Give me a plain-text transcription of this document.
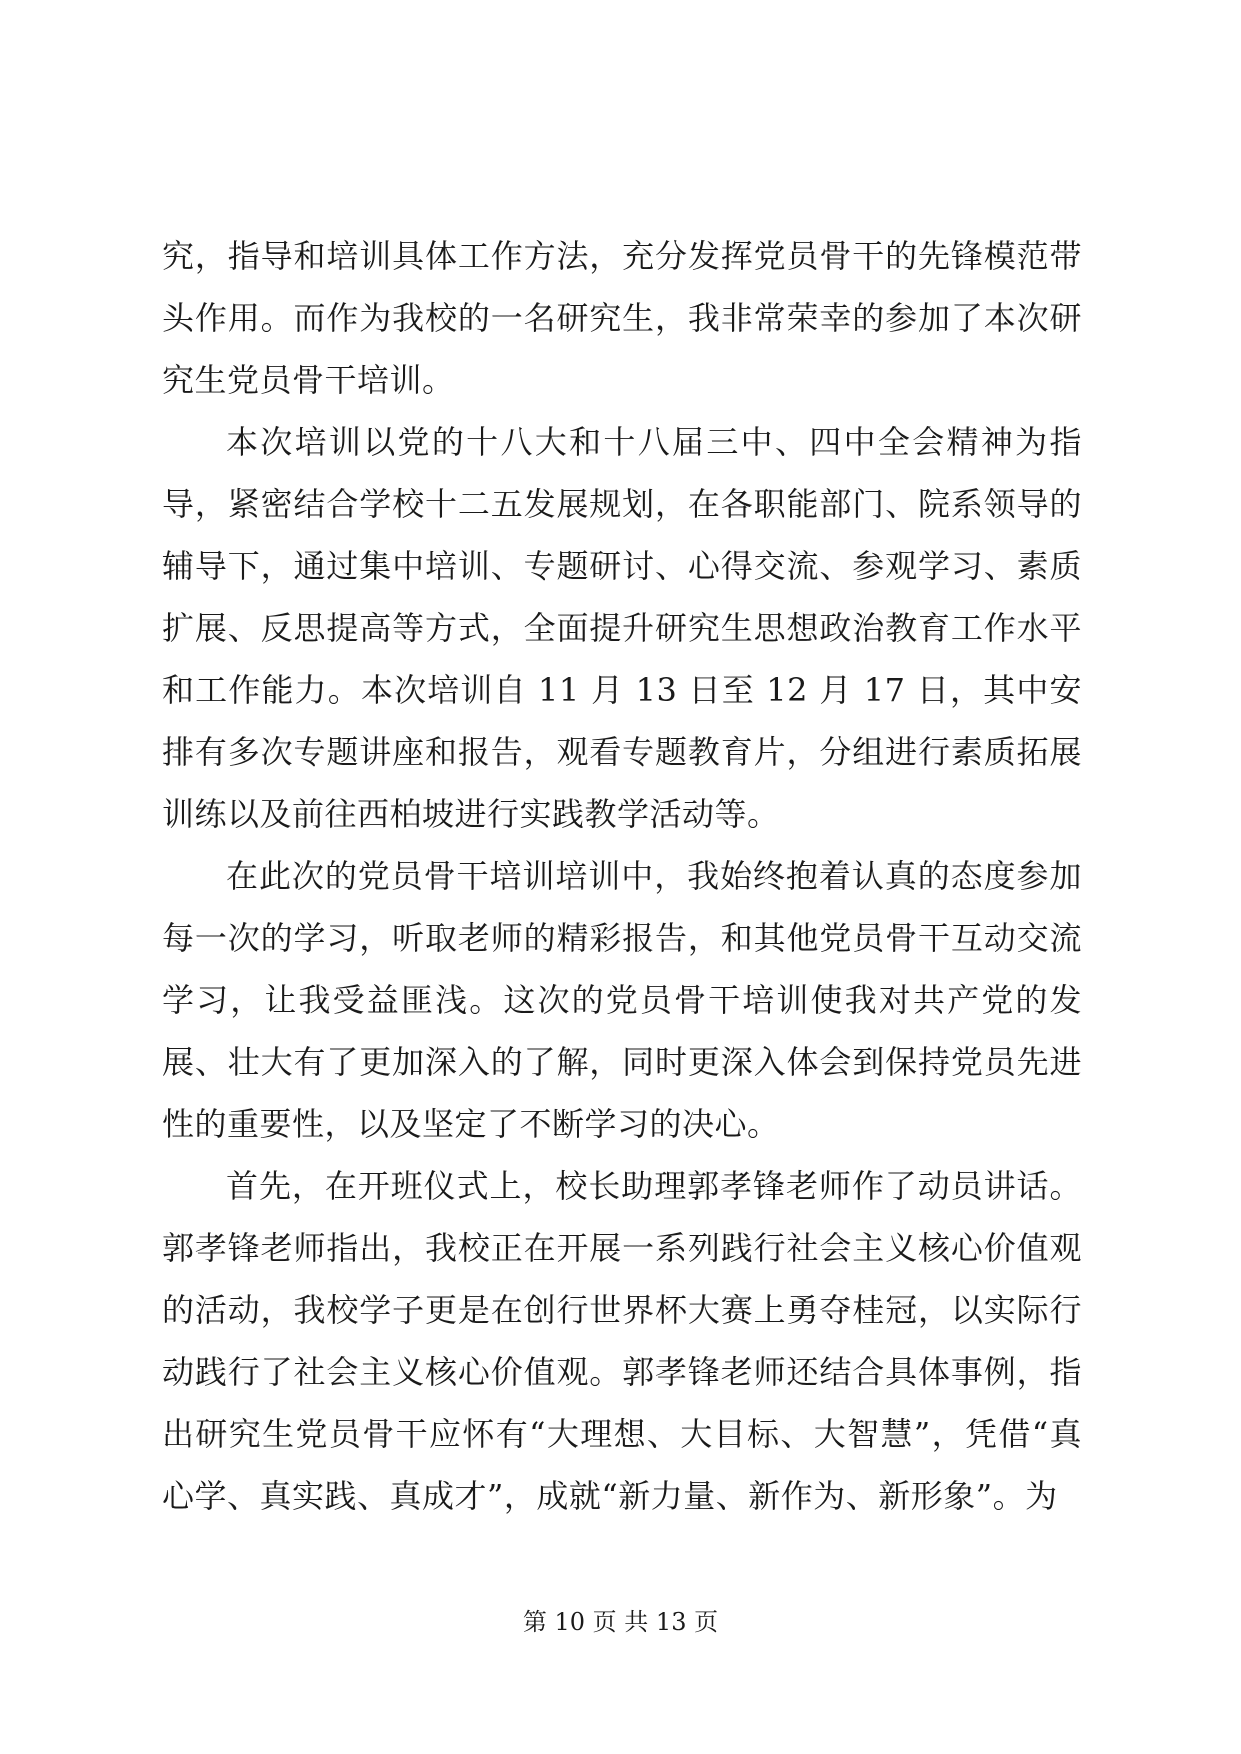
究，指导和培训具体工作方法，充分发挥党员骨干的先锋模范带头作用。而作为我校的一名研究生，我非常荣幸的参加了本次研究生党员骨干培训。

本次培训以党的十八大和十八届三中、四中全会精神为指导，紧密结合学校十二五发展规划，在各职能部门、院系领导的辅导下，通过集中培训、专题研讨、心得交流、参观学习、素质扩展、反思提高等方式，全面提升研究生思想政治教育工作水平和工作能力。本次培训自 11 月 13 日至 12 月 17 日，其中安排有多次专题讲座和报告，观看专题教育片，分组进行素质拓展训练以及前往西柏坡进行实践教学活动等。

在此次的党员骨干培训培训中，我始终抱着认真的态度参加每一次的学习，听取老师的精彩报告，和其他党员骨干互动交流学习，让我受益匪浅。这次的党员骨干培训使我对共产党的发展、壮大有了更加深入的了解，同时更深入体会到保持党员先进性的重要性，以及坚定了不断学习的决心。

首先，在开班仪式上，校长助理郭孝锋老师作了动员讲话。郭孝锋老师指出，我校正在开展一系列践行社会主义核心价值观的活动，我校学子更是在创行世界杯大赛上勇夺桂冠，以实际行动践行了社会主义核心价值观。郭孝锋老师还结合具体事例，指出研究生党员骨干应怀有“大理想、大目标、大智慧”，凭借“真心学、真实践、真成才”，成就“新力量、新作为、新形象”。为

第 10 页 共 13 页
